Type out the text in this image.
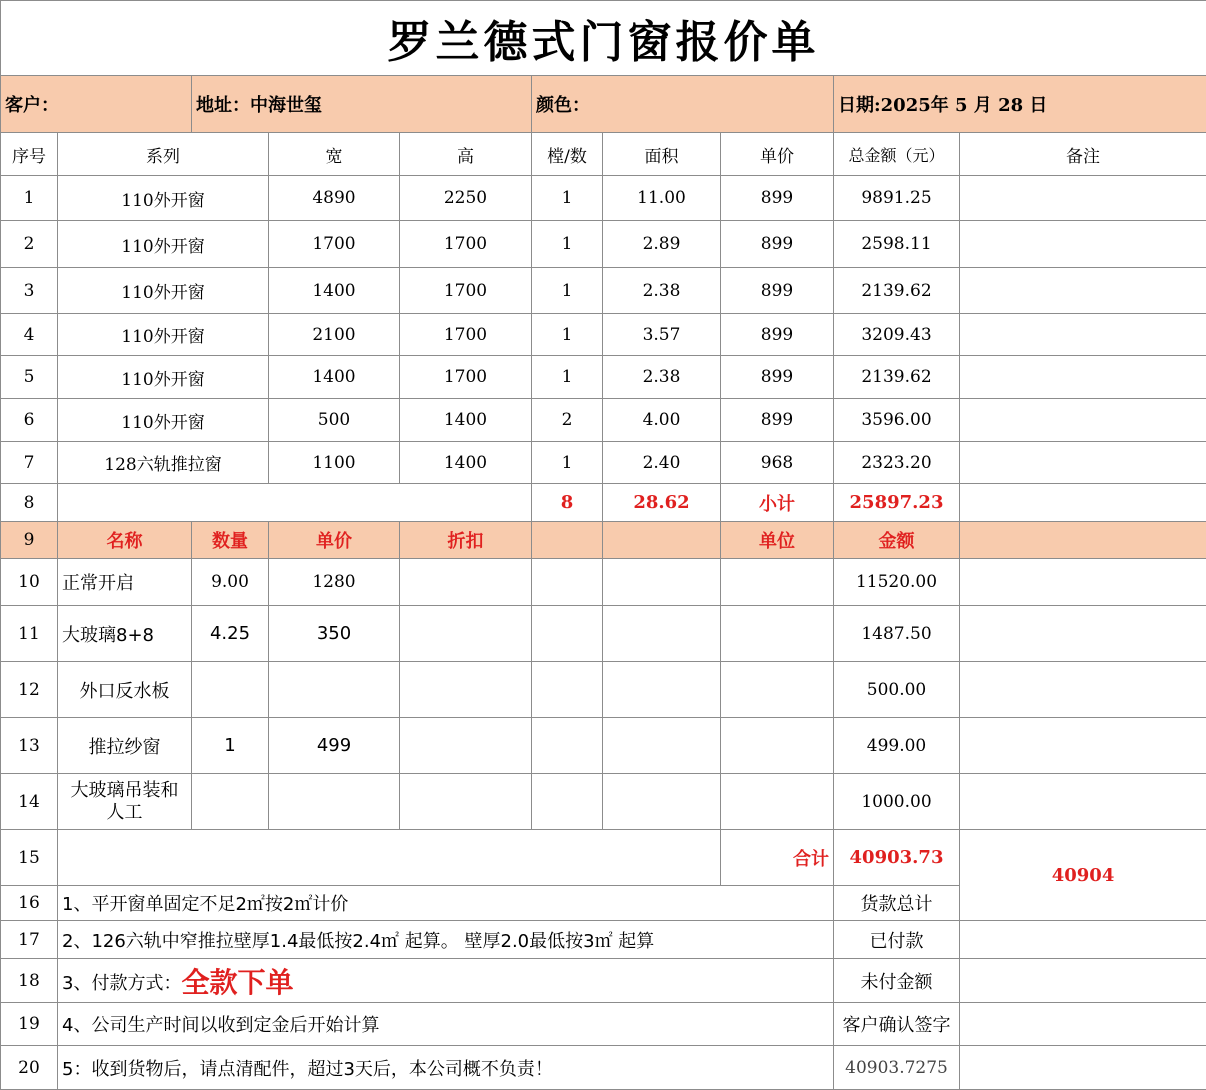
罗兰德式门窗报价单									
客户：		地址：中海世玺			颜色：			日期:2025年 5 月 28 日	
序号	系列		宽	高	樘/数	面积	单价	总金额（元）	备注
1	110外开窗		4890	2250	1	11.00	899	9891.25	
2	110外开窗		1700	1700	1	2.89	899	2598.11	
3	110外开窗		1400	1700	1	2.38	899	2139.62	
4	110外开窗		2100	1700	1	3.57	899	3209.43	
5	110外开窗		1400	1700	1	2.38	899	2139.62	
6	110外开窗		500	1400	2	4.00	899	3596.00	
7	128六轨推拉窗		1100	1400	1	2.40	968	2323.20	
8					8	28.62	小计	25897.23	
9	名称	数量	单价	折扣			单位	金额	
10	正常开启	9.00	1280					11520.00	
11	大玻璃8+8	4.25	350					1487.50	
12	外口反水板							500.00	
13	推拉纱窗	1	499					499.00	
14	大玻璃吊装和人工							1000.00	
15							合计	40903.73	40904
16	1、平开窗单固定不足2㎡按2㎡计价							货款总计	
17	2、126六轨中窄推拉壁厚1.4最低按2.4㎡ 起算。 壁厚2.0最低按3㎡ 起算							已付款	
18	3、付款方式：全款下单							未付金额	
19	4、公司生产时间以收到定金后开始计算							客户确认签字	
20	5：收到货物后，请点清配件，超过3天后，本公司概不负责！							40903.7275	
